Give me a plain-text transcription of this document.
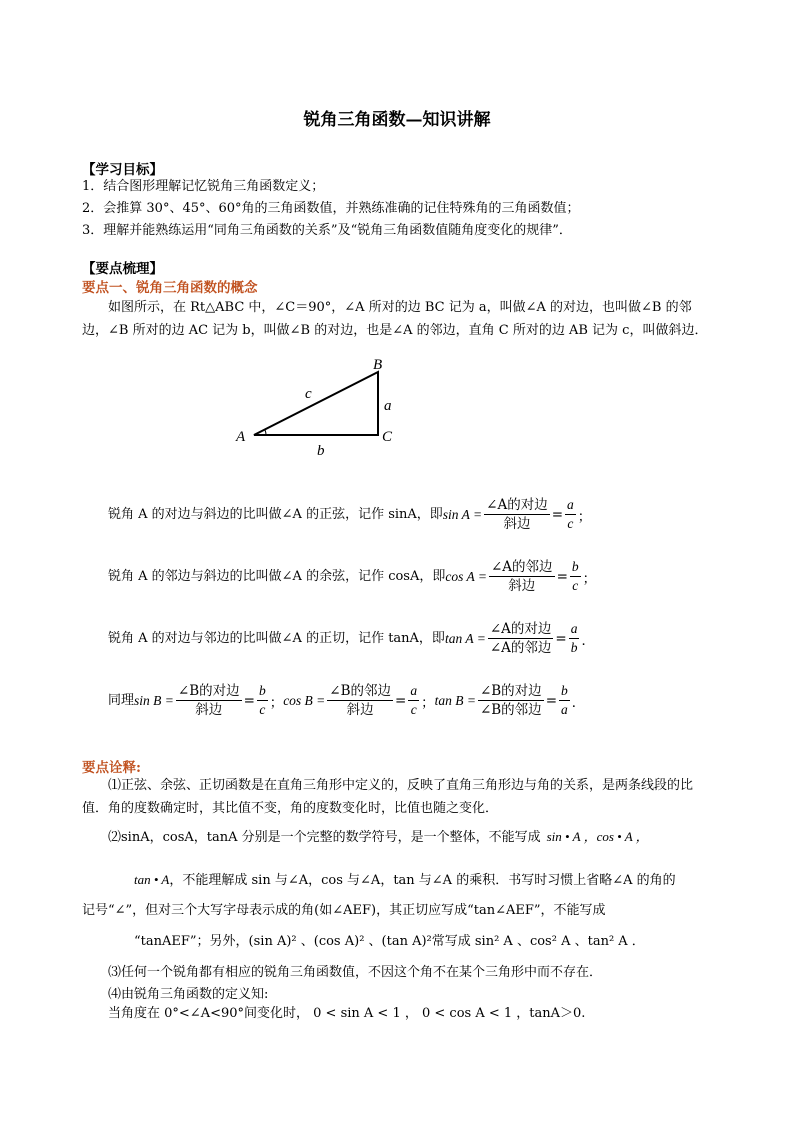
锐角三角函数—知识讲解
【学习目标】
1．结合图形理解记忆锐角三角函数定义；
2．会推算 30°、45°、60°角的三角函数值，并熟练准确的记住特殊角的三角函数值；
3．理解并能熟练运用“同角三角函数的关系”及“锐角三角函数值随角度变化的规律”．
【要点梳理】
要点一、锐角三角函数的概念
如图所示，在 Rt△ABC 中，∠C＝90°，∠A 所对的边 BC 记为 a，叫做∠A 的对边，也叫做∠B 的邻边，∠B 所对的边 AC 记为 b，叫做∠B 的对边，也是∠A 的邻边，直角 C 所对的边 AB 记为 c，叫做斜边．
A
B
C
a
b
c
锐角 A 的对边与斜边的比叫做∠A 的正弦，记作 sinA，即 $\sin A = \frac{\text{∠A的对边}}{\text{斜边}} = \frac{a}{c}$ ；
锐角 A 的邻边与斜边的比叫做∠A 的余弦，记作 cosA，即 $\cos A = \frac{\text{∠A的邻边}}{\text{斜边}} = \frac{b}{c}$ ；
锐角 A 的对边与邻边的比叫做∠A 的正切，记作 tanA，即 $\tan A = \frac{\text{∠A的对边}}{\text{∠A的邻边}} = \frac{a}{b}$ ．
同理 $\sin B = \frac{\text{∠B的对边}}{\text{斜边}} = \frac{b}{c}$ ； $\cos B = \frac{\text{∠B的邻边}}{\text{斜边}} = \frac{a}{c}$ ； $\tan B = \frac{\text{∠B的对边}}{\text{∠B的邻边}} = \frac{b}{a}$ ．
要点诠释:
⑴正弦、余弦、正切函数是在直角三角形中定义的，反映了直角三角形边与角的关系，是两条线段的比值．角的度数确定时，其比值不变，角的度数变化时，比值也随之变化．
⑵sinA，cosA，tanA 分别是一个完整的数学符号，是一个整体，不能写成 sin • A ，cos • A ，
tan • A，不能理解成 sin 与∠A，cos 与∠A，tan 与∠A 的乘积．书写时习惯上省略∠A 的角的
记号“∠”，但对三个大写字母表示成的角(如∠AEF)，其正切应写成“tan∠AEF”，不能写成
“tanAEF”；另外，(sin A)² 、(cos A)² 、(tan A)²常写成 sin² A 、cos² A 、tan² A ．
⑶任何一个锐角都有相应的锐角三角函数值，不因这个角不在某个三角形中而不存在．
⑷由锐角三角函数的定义知:
当角度在 0°<∠A<90°间变化时， 0 < sin A < 1 ， 0 < cos A < 1 ，tanA＞0.
